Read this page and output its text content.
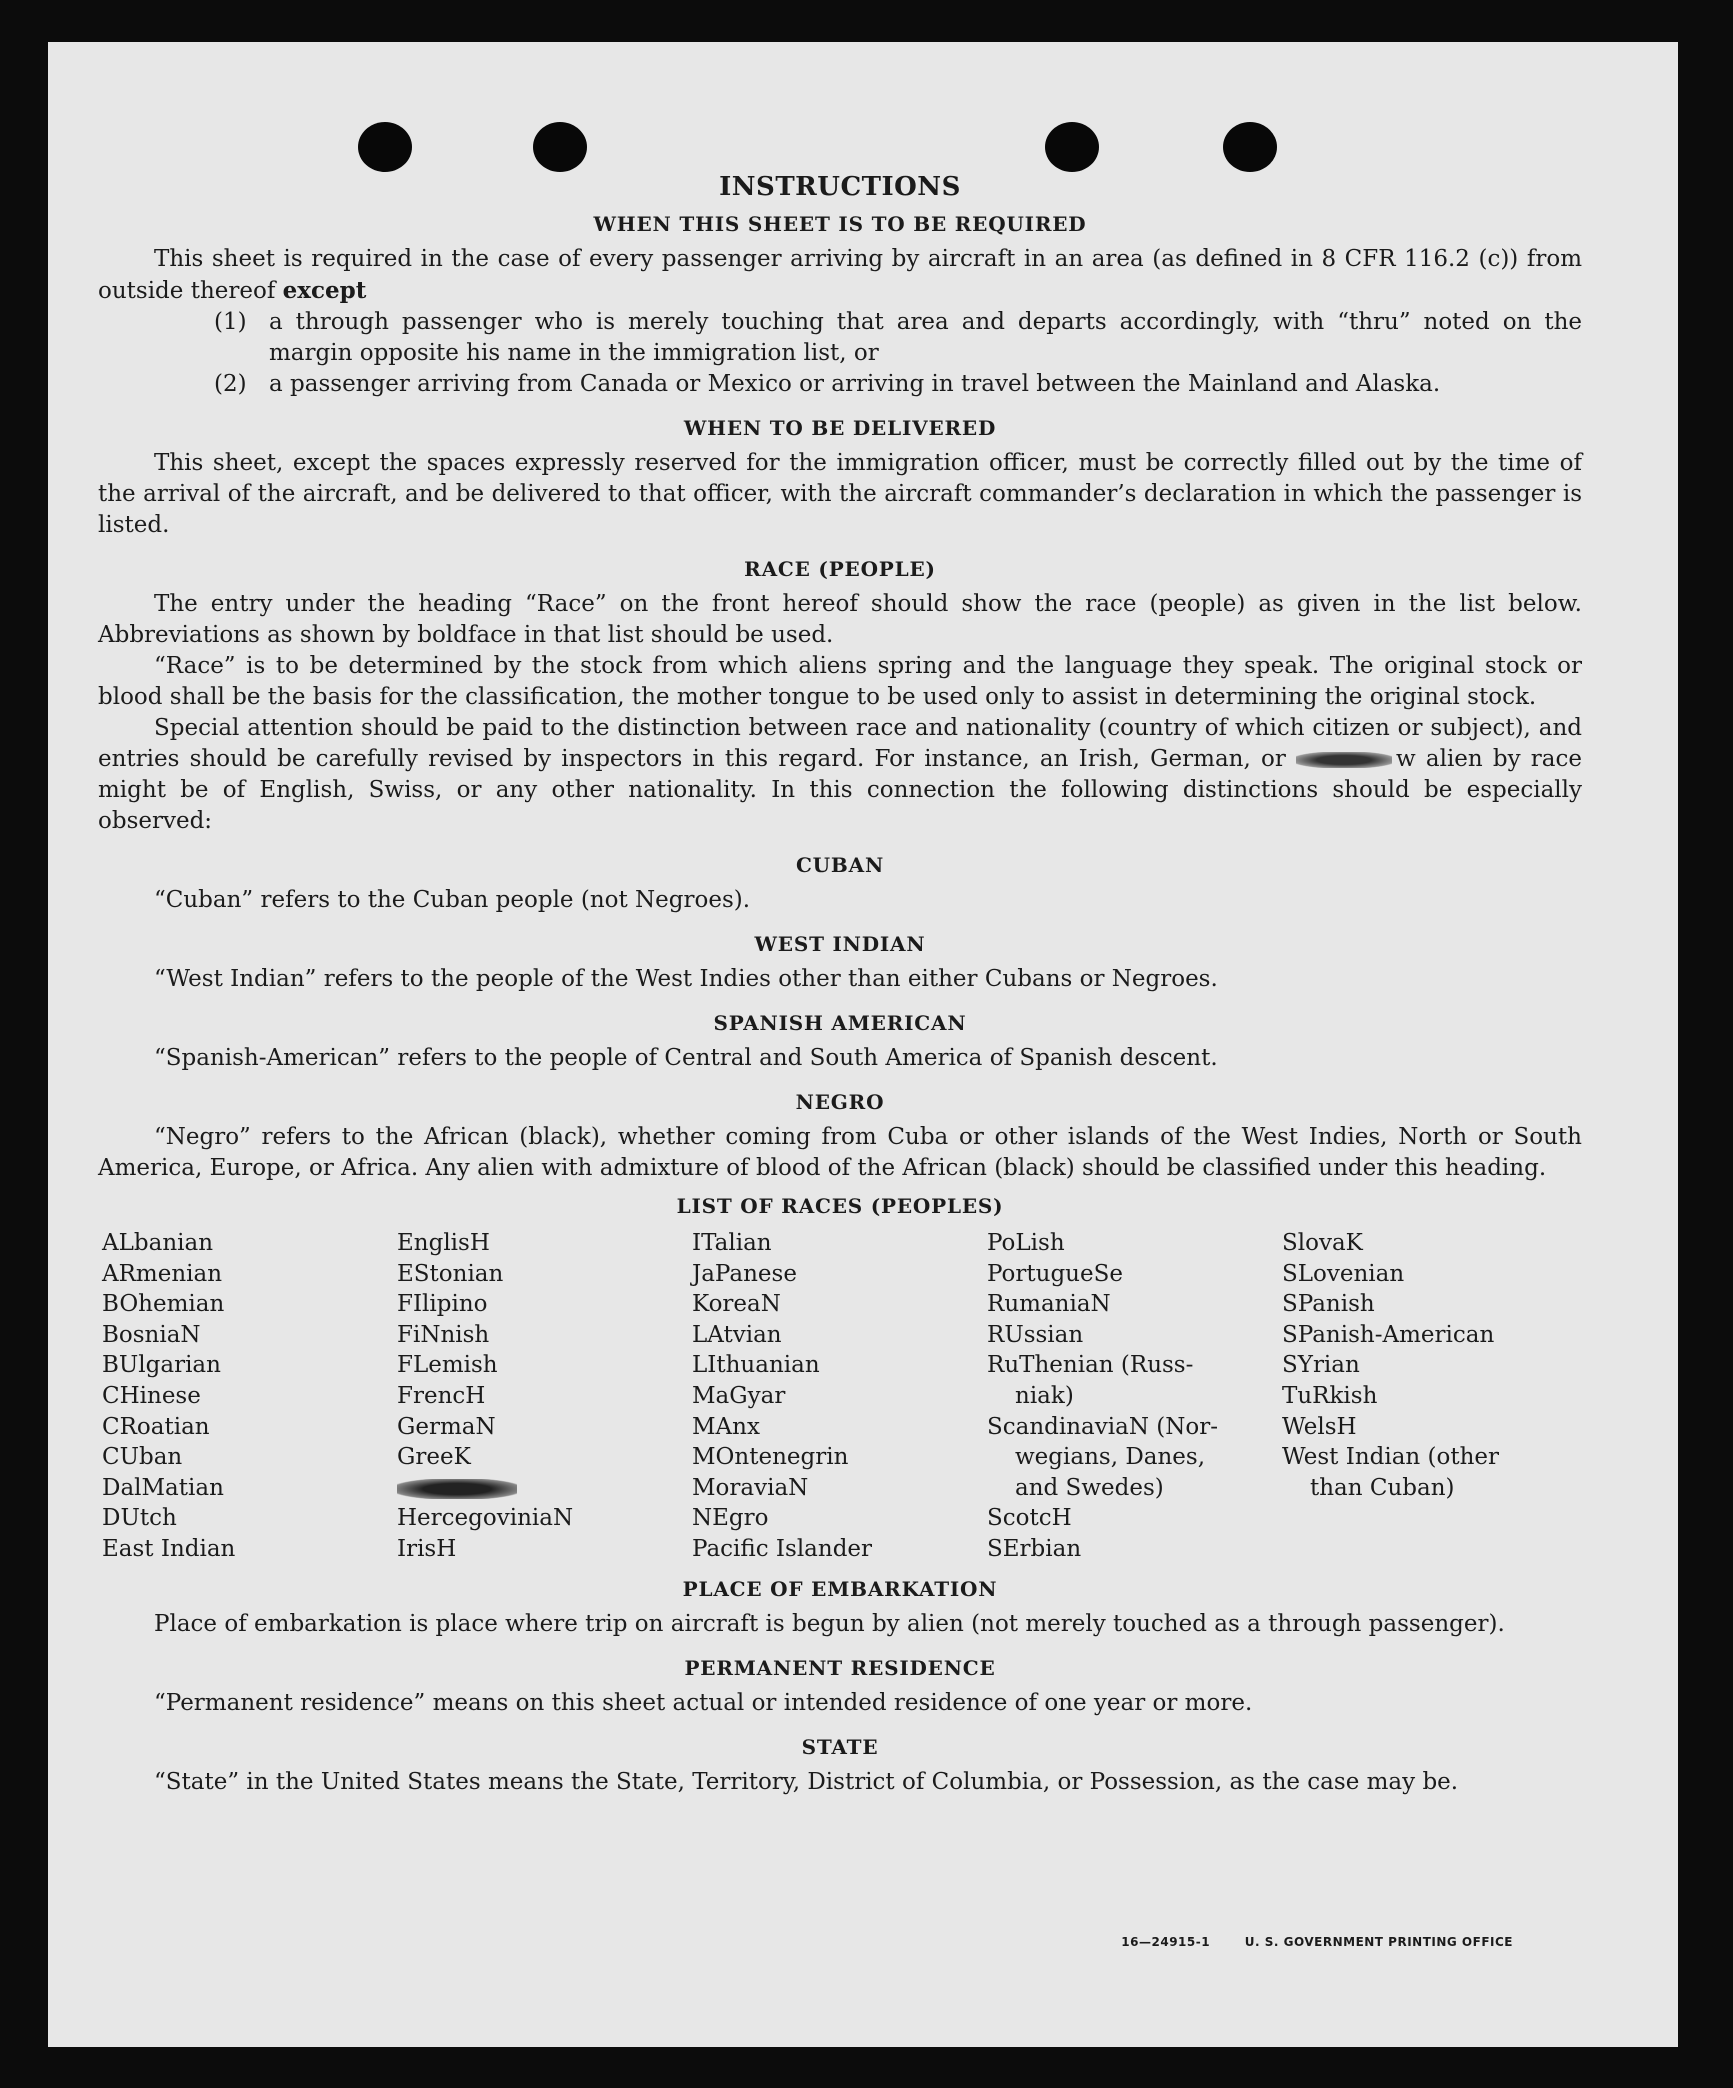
INSTRUCTIONS
WHEN THIS SHEET IS TO BE REQUIRED

This sheet is required in the case of every passenger arriving by aircraft in an area (as defined in 8 CFR 116.2 (c)) from outside thereof except

(1) a through passenger who is merely touching that area and departs accordingly, with “thru” noted on the margin opposite his name in the immigration list, or
(2) a passenger arriving from Canada or Mexico or arriving in travel between the Mainland and Alaska.
WHEN TO BE DELIVERED

This sheet, except the spaces expressly reserved for the immigration officer, must be correctly filled out by the time of the arrival of the aircraft, and be delivered to that officer, with the aircraft commander’s declaration in which the passenger is listed.

RACE (PEOPLE)

The entry under the heading “Race” on the front hereof should show the race (people) as given in the list below. Abbreviations as shown by boldface in that list should be used.

“Race” is to be determined by the stock from which aliens spring and the language they speak. The original stock or blood shall be the basis for the classification, the mother tongue to be used only to assist in determining the original stock.

Special attention should be paid to the distinction between race and nationality (country of which citizen or subject), and entries should be carefully revised by inspectors in this regard. For instance, an Irish, German, or	w alien by race might be of English, Swiss, or any other nationality. In this connection the following distinctions should be especially observed:

CUBAN

“Cuban” refers to the Cuban people (not Negroes).

WEST INDIAN

“West Indian” refers to the people of the West Indies other than either Cubans or Negroes.

SPANISH AMERICAN

“Spanish-American” refers to the people of Central and South America of Spanish descent.

NEGRO

“Negro” refers to the African (black), whether coming from Cuba or other islands of the West Indies, North or South America, Europe, or Africa. Any alien with admixture of blood of the African (black) should be classified under this heading.

LIST OF RACES (PEOPLES)
ALbanian
ARmenian
BOhemian
BosniaN
BUlgarian
CHinese
CRoatian
CUban
DalMatian
DUtch
East Indian
EnglisH
EStonian
FIlipino
FiNnish
FLemish
FrencH
GermaN
GreeK
HercegoviniaN
IrisH
ITalian
JaPanese
KoreaN
LAtvian
LIthuanian
MaGyar
MAnx
MOntenegrin
MoraviaN
NEgro
Pacific Islander
PoLish
PortugueSe
RumaniaN
RUssian
RuThenian (Russ-
niak)
ScandinaviaN (Nor-
wegians, Danes,
and Swedes)
ScotcH
SErbian
SlovaK
SLovenian
SPanish
SPanish-American
SYrian
TuRkish
WelsH
West Indian (other
than Cuban)
PLACE OF EMBARKATION

Place of embarkation is place where trip on aircraft is begun by alien (not merely touched as a through passenger).

PERMANENT RESIDENCE

“Permanent residence” means on this sheet actual or intended residence of one year or more.

STATE

“State” in the United States means the State, Territory, District of Columbia, or Possession, as the case may be.

16—24915-1	U. S. GOVERNMENT PRINTING OFFICE
